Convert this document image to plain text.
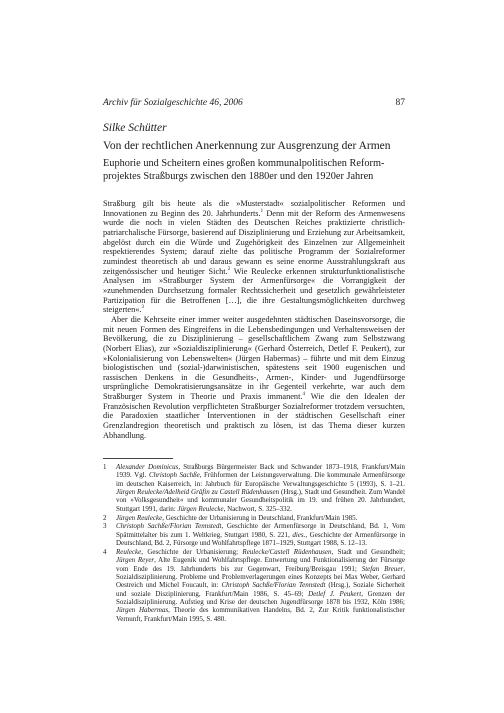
Archiv für Sozialgeschichte 46, 2006	87
Silke Schütter
Von der rechtlichen Anerkennung zur Ausgrenzung der Armen
Euphorie und Scheitern eines großen kommunalpolitischen Reformprojektes Straßburgs zwischen den 1880er und den 1920er Jahren

Straßburg gilt bis heute als die »Musterstadt« sozialpolitischer Reformen und Innovationen zu Beginn des 20. Jahrhunderts.$^1$ Denn mit der Reform des Armenwesens wurde die noch in vielen Städten des Deutschen Reiches praktizierte christlich-patriarchalische Fürsorge, basierend auf Disziplinierung und Erziehung zur Arbeitsamkeit, abgelöst durch ein die Würde und Zugehörigkeit des Einzelnen zur Allgemeinheit respektierendes System; darauf zielte das politische Programm der Sozialreformer zumindest theoretisch ab und daraus gewann es seine enorme Ausstrahlungskraft aus zeitgenössischer und heutiger Sicht.$^2$ Wie Reulecke erkennen strukturfunktionalistische Analysen im »Straßburger System der Armenfürsorge« die Vorrangigkeit der »zunehmenden Durchsetzung formaler Rechtssicherheit und gesetzlich gewährleisteter Partizipation für die Betroffenen […], die ihre Gestaltungsmöglichkeiten durchweg steigerten«.$^3$

Aber die Kehrseite einer immer weiter ausgedehnten städtischen Daseinsvorsorge, die mit neuen Formen des Eingreifens in die Lebensbedingungen und Verhaltensweisen der Bevölkerung, die zu Disziplinierung – gesellschaftlichem Zwang zum Selbstzwang (Norbert Elias), zur »Sozialdisziplinierung« (Gerhard Österreich, Detlef F. Peukert), zur »Kolonialisierung von Lebenswelten« (Jürgen Habermas) – führte und mit dem Einzug biologistischen und (sozial-)darwinistischen, spätestens seit 1900 eugenischen und rassischen Denkens in die Gesundheits-, Armen-, Kinder- und Jugendfürsorge ursprüngliche Demokratisierungsansätze in ihr Gegenteil verkehrte, war auch dem Straßburger System in Theorie und Praxis immanent.$^4$ Wie die den Idealen der Französischen Revolution verpflichteten Straßburger Sozialreformer trotzdem versuchten, die Paradoxien staatlicher Interventionen in der städtischen Gesellschaft einer Grenzlandregion theoretisch und praktisch zu lösen, ist das Thema dieser kurzen Abhandlung.

1 Alexander Dominicus, Straßburgs Bürgermeister Back und Schwander 1873–1918, Frankfurt/Main 1939. Vgl. Christoph Sachße, Frühformen der Leistungsverwaltung. Die kommunale Armenfürsorge im deutschen Kaiserreich, in: Jahrbuch für Europäische Verwaltungsgeschichte 5 (1993), S. 1–21. Jürgen Reulecke/Adelheid Gräfin zu Castell Rüdenhausen (Hrsg.), Stadt und Gesundheit. Zum Wandel von »Volksgesundheit« und kommunaler Gesundheitspolitik im 19. und frühen 20. Jahrhundert, Stuttgart 1991, darin: Jürgen Reulecke, Nachwort, S. 325–332.
2 Jürgen Reulecke, Geschichte der Urbanisierung in Deutschland, Frankfurt/Main 1985.
3 Christoph Sachße/Florian Tennstedt, Geschichte der Armenfürsorge in Deutschland, Bd. 1, Vom Spätmittelalter bis zum 1. Weltkrieg, Stuttgart 1980, S. 221, dies., Geschichte der Armenfürsorge in Deutschland, Bd. 2, Fürsorge und Wohlfahrtspflege 1871–1929, Stuttgart 1988, S. 12–13.
4 Reulecke, Geschichte der Urbanisierung; Reulecke/Castell Rüdenhausen, Stadt und Gesundheit; Jürgen Reyer, Alte Eugenik und Wohlfahrtspflege. Entwertung und Funktionalisierung der Fürsorge vom Ende des 19. Jahrhunderts bis zur Gegenwart, Freiburg/Breisgau 1991; Stefan Breuer, Sozialdisziplinierung. Probleme und Problemverlagerungen eines Konzepts bei Max Weber, Gerhard Oestreich und Michel Foucault, in: Christoph Sachße/Florian Tennstedt (Hrsg.), Soziale Sicherheit und soziale Disziplinierung, Frankfurt/Main 1986, S. 45–69; Detlef J. Peukert, Grenzen der Sozialdisziplinierung. Aufstieg und Krise der deutschen Jugendfürsorge 1878 bis 1932, Köln 1986; Jürgen Habermas, Theorie des kommunikativen Handelns, Bd. 2, Zur Kritik funktionalistischer Vernunft, Frankfurt/Main 1995, S. 480.
